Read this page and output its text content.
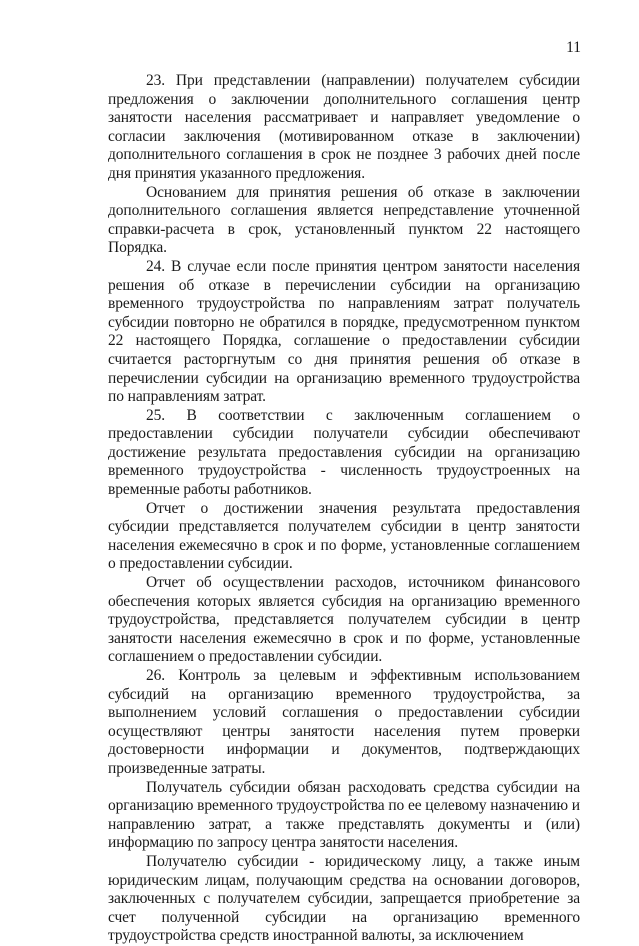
11

23. При представлении (направлении) получателем субсидии предложения о заключении дополнительного соглашения центр занятости населения рассматривает и направляет уведомление о согласии заключения (мотивированном отказе в заключении) дополнительного соглашения в срок не позднее 3 рабочих дней после дня принятия указанного предложения.

Основанием для принятия решения об отказе в заключении дополнительного соглашения является непредставление уточненной справки-расчета в срок, установленный пунктом 22 настоящего Порядка.

24. В случае если после принятия центром занятости населения решения об отказе в перечислении субсидии на организацию временного трудоустройства по направлениям затрат получатель субсидии повторно не обратился в порядке, предусмотренном пунктом 22 настоящего Порядка, соглашение о предоставлении субсидии считается расторгнутым со дня принятия решения об отказе в перечислении субсидии на организацию временного трудоустройства по направлениям затрат.

25. В соответствии с заключенным соглашением о предоставлении субсидии получатели субсидии обеспечивают достижение результата предоставления субсидии на организацию временного трудоустройства - численность трудоустроенных на временные работы работников.

Отчет о достижении значения результата предоставления субсидии представляется получателем субсидии в центр занятости населения ежемесячно в срок и по форме, установленные соглашением о предоставлении субсидии.

Отчет об осуществлении расходов, источником финансового обеспечения которых является субсидия на организацию временного трудоустройства, представляется получателем субсидии в центр занятости населения ежемесячно в срок и по форме, установленные соглашением о предоставлении субсидии.

26. Контроль за целевым и эффективным использованием субсидий на организацию временного трудоустройства, за выполнением условий соглашения о предоставлении субсидии осуществляют центры занятости населения путем проверки достоверности информации и документов, подтверждающих произведенные затраты.

Получатель субсидии обязан расходовать средства субсидии на организацию временного трудоустройства по ее целевому назначению и направлению затрат, а также представлять документы и (или) информацию по запросу центра занятости населения.

Получателю субсидии - юридическому лицу, а также иным юридическим лицам, получающим средства на основании договоров, заключенных с получателем субсидии, запрещается приобретение за счет полученной субсидии на организацию временного трудоустройства средств иностранной валюты, за исключением
